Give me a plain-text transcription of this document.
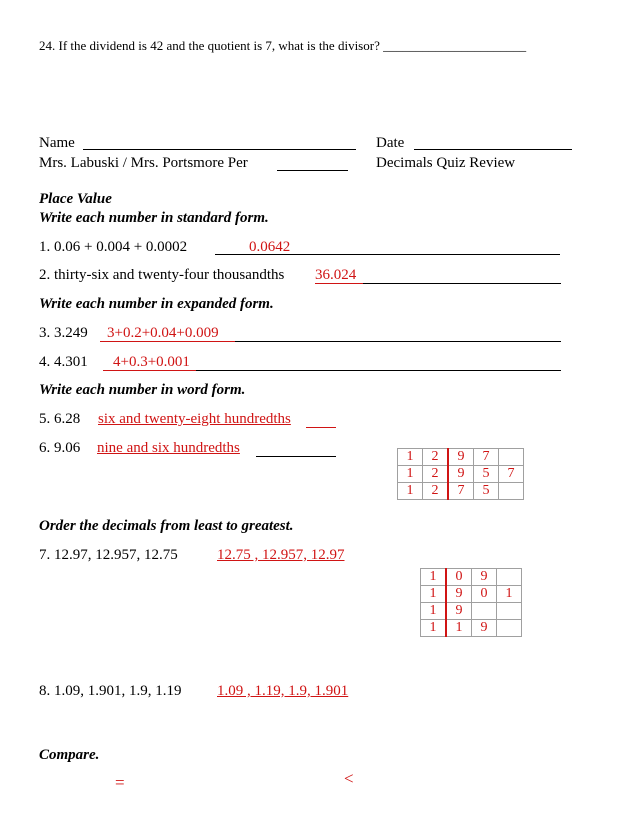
24. If the dividend is 42 and the quotient is 7, what is the divisor? ______________________
Name	Date
Mrs. Labuski / Mrs. Portsmore Per	Decimals Quiz Review
Place Value
Write each number in standard form.
1. 0.06 + 0.004 + 0.0002	0.0642
2. thirty-six and twenty-four thousandths 36.024
Write each number in expanded form.
3. 3.249 3+0.2+0.04+0.009
4. 4.301 4+0.3+0.001
Write each number in word form.
5. 6.28 six and twenty-eight hundredths
6. 9.06 nine and six hundredths
1	2	9	7	
1	2	9	5	7
1	2	7	5	
Order the decimals from least to greatest.
7. 12.97, 12.957, 12.75	12.75 , 12.957, 12.97
1	0	9	
1	9	0	1
1	9		
1	1	9	
8. 1.09, 1.901, 1.9, 1.19 1.09 , 1.19, 1.9, 1.901
Compare.
=	<
